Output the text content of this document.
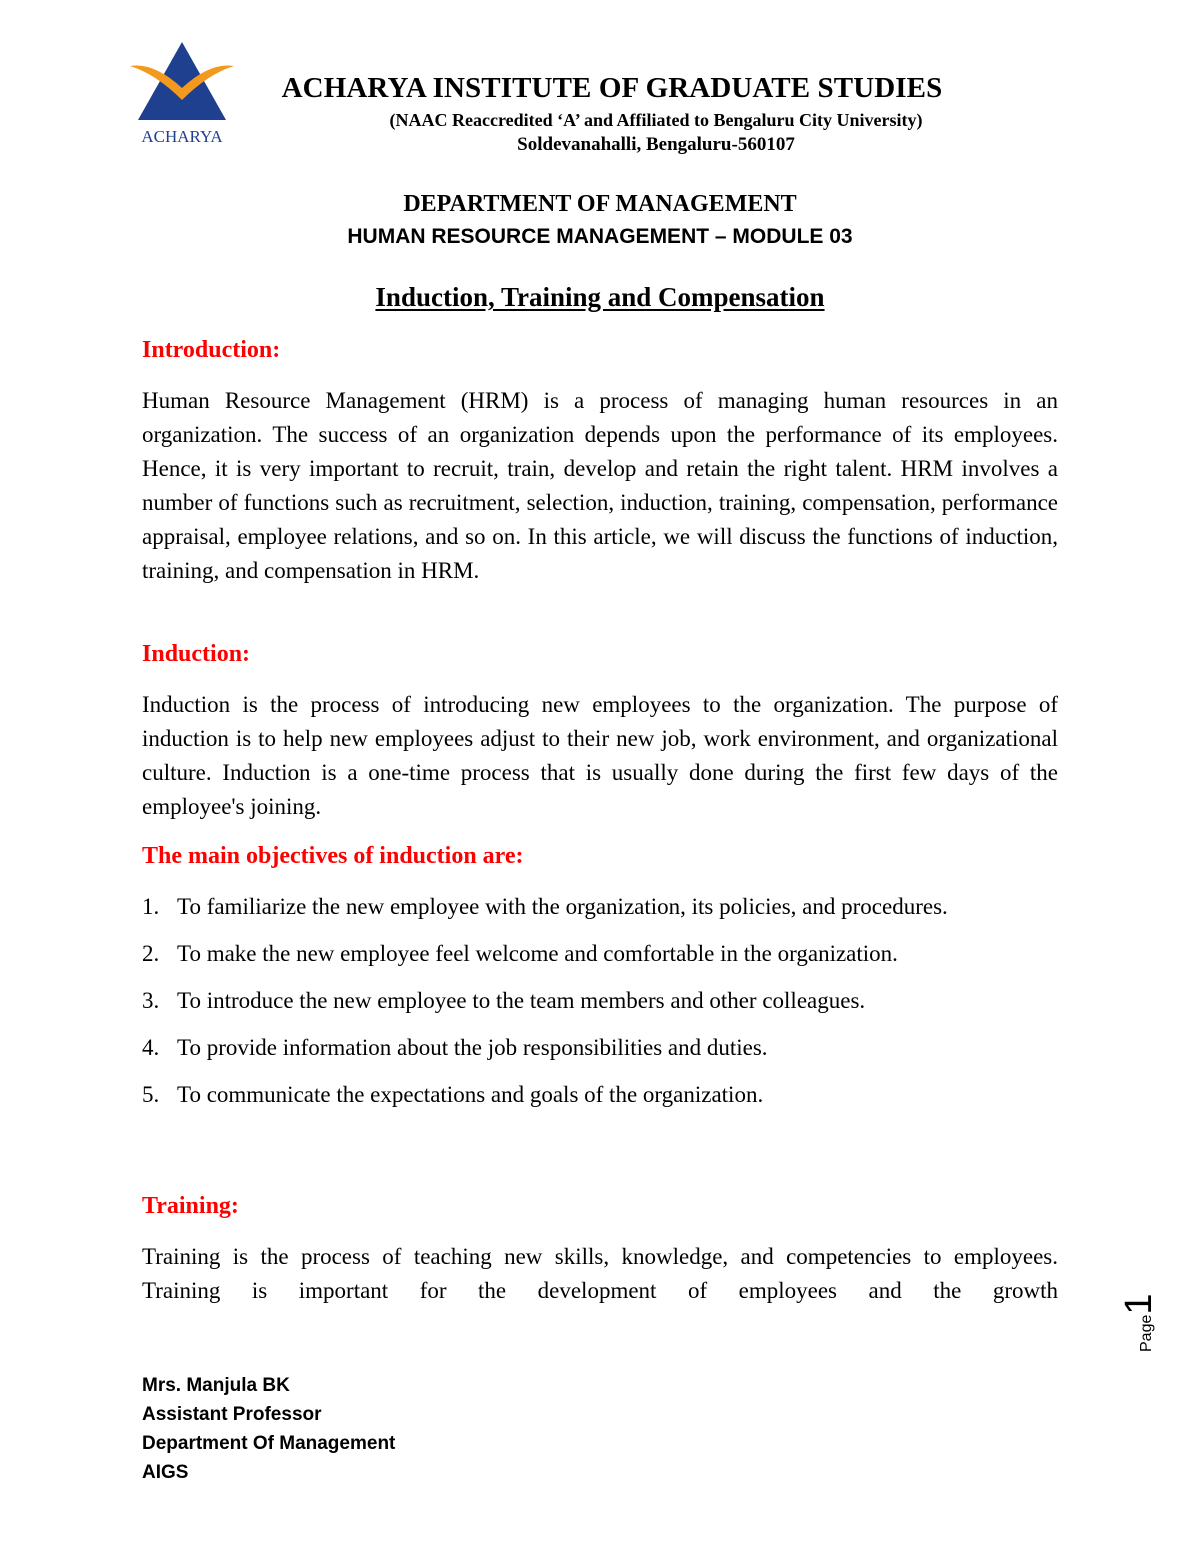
ACHARYA
ACHARYA INSTITUTE OF GRADUATE STUDIES
(NAAC Reaccredited ‘A’ and Affiliated to Bengaluru City University)
Soldevanahalli, Bengaluru-560107
DEPARTMENT OF MANAGEMENT
HUMAN RESOURCE MANAGEMENT – MODULE 03
Induction, Training and Compensation
Introduction:

Human Resource Management (HRM) is a process of managing human resources in an organization. The success of an organization depends upon the performance of its employees. Hence, it is very important to recruit, train, develop and retain the right talent. HRM involves a number of functions such as recruitment, selection, induction, training, compensation, performance appraisal, employee relations, and so on. In this article, we will discuss the functions of induction, training, and compensation in HRM.

Induction:

Induction is the process of introducing new employees to the organization. The purpose of induction is to help new employees adjust to their new job, work environment, and organizational culture. Induction is a one-time process that is usually done during the first few days of the employee's joining.

The main objectives of induction are:
1. To familiarize the new employee with the organization, its policies, and procedures.
2. To make the new employee feel welcome and comfortable in the organization.
3. To introduce the new employee to the team members and other colleagues.
4. To provide information about the job responsibilities and duties.
5. To communicate the expectations and goals of the organization.
Training:

Training is the process of teaching new skills, knowledge, and competencies to employees. Training is important for the development of employees and the growth

Page1
Mrs. Manjula BK
Assistant Professor
Department Of Management
AIGS
